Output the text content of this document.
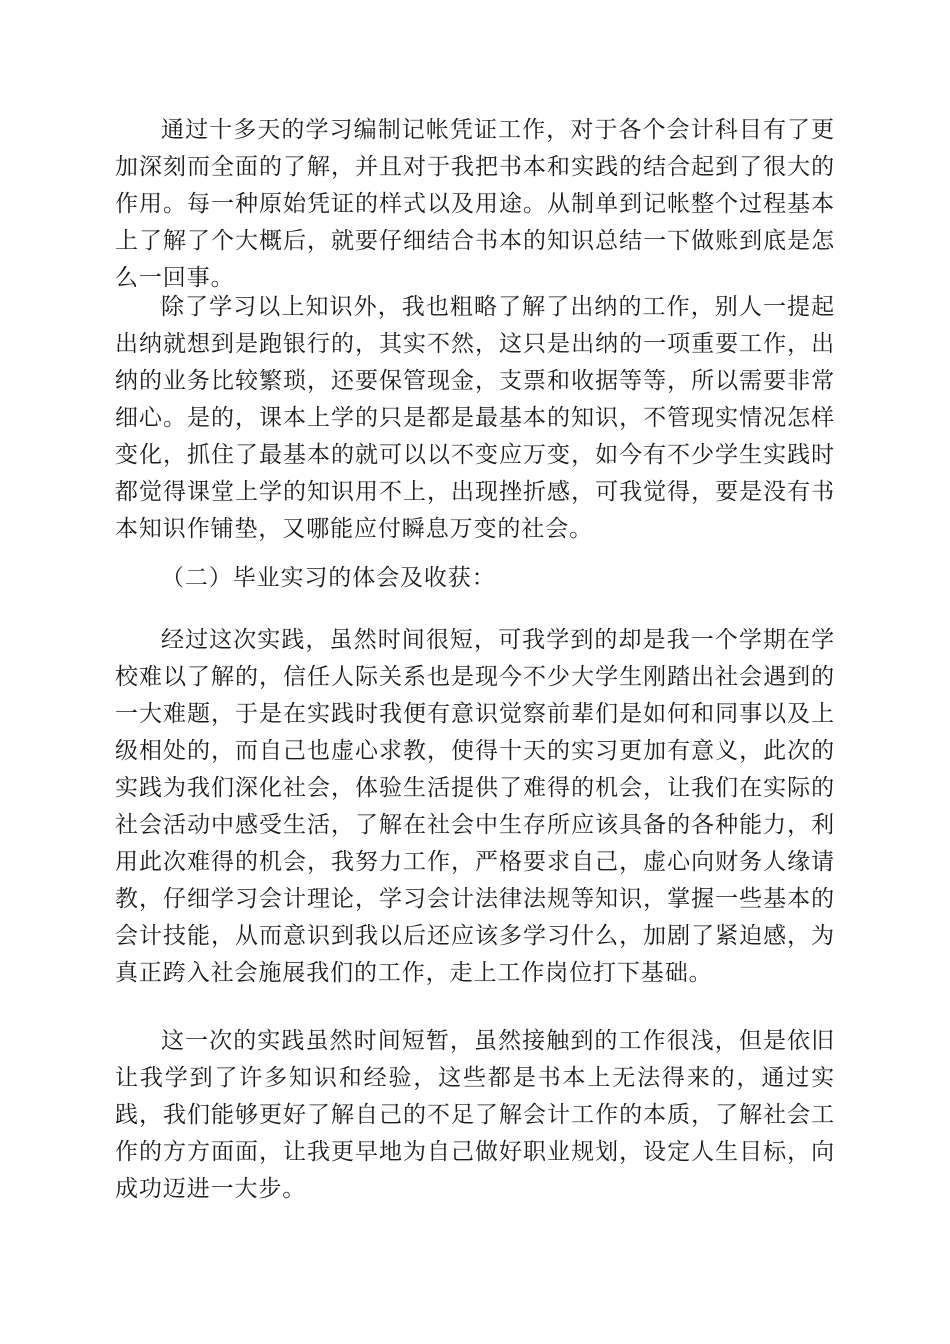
通过十多天的学习编制记帐凭证工作，对于各个会计科目有了更加深刻而全面的了解，并且对于我把书本和实践的结合起到了很大的作用。每一种原始凭证的样式以及用途。从制单到记帐整个过程基本上了解了个大概后，就要仔细结合书本的知识总结一下做账到底是怎么一回事。

除了学习以上知识外，我也粗略了解了出纳的工作，别人一提起出纳就想到是跑银行的，其实不然，这只是出纳的一项重要工作，出纳的业务比较繁琐，还要保管现金，支票和收据等等，所以需要非常细心。是的，课本上学的只是都是最基本的知识，不管现实情况怎样变化，抓住了最基本的就可以以不变应万变，如今有不少学生实践时都觉得课堂上学的知识用不上，出现挫折感，可我觉得，要是没有书本知识作铺垫，又哪能应付瞬息万变的社会。

（二）毕业实习的体会及收获：

经过这次实践，虽然时间很短，可我学到的却是我一个学期在学校难以了解的，信任人际关系也是现今不少大学生刚踏出社会遇到的一大难题，于是在实践时我便有意识觉察前辈们是如何和同事以及上级相处的，而自己也虚心求教，使得十天的实习更加有意义，此次的实践为我们深化社会，体验生活提供了难得的机会，让我们在实际的社会活动中感受生活，了解在社会中生存所应该具备的各种能力，利用此次难得的机会，我努力工作，严格要求自己，虚心向财务人缘请教，仔细学习会计理论，学习会计法律法规等知识，掌握一些基本的会计技能，从而意识到我以后还应该多学习什么，加剧了紧迫感，为真正跨入社会施展我们的工作，走上工作岗位打下基础。

这一次的实践虽然时间短暂，虽然接触到的工作很浅，但是依旧让我学到了许多知识和经验，这些都是书本上无法得来的，通过实践，我们能够更好了解自己的不足了解会计工作的本质，了解社会工作的方方面面，让我更早地为自己做好职业规划，设定人生目标，向成功迈进一大步。
